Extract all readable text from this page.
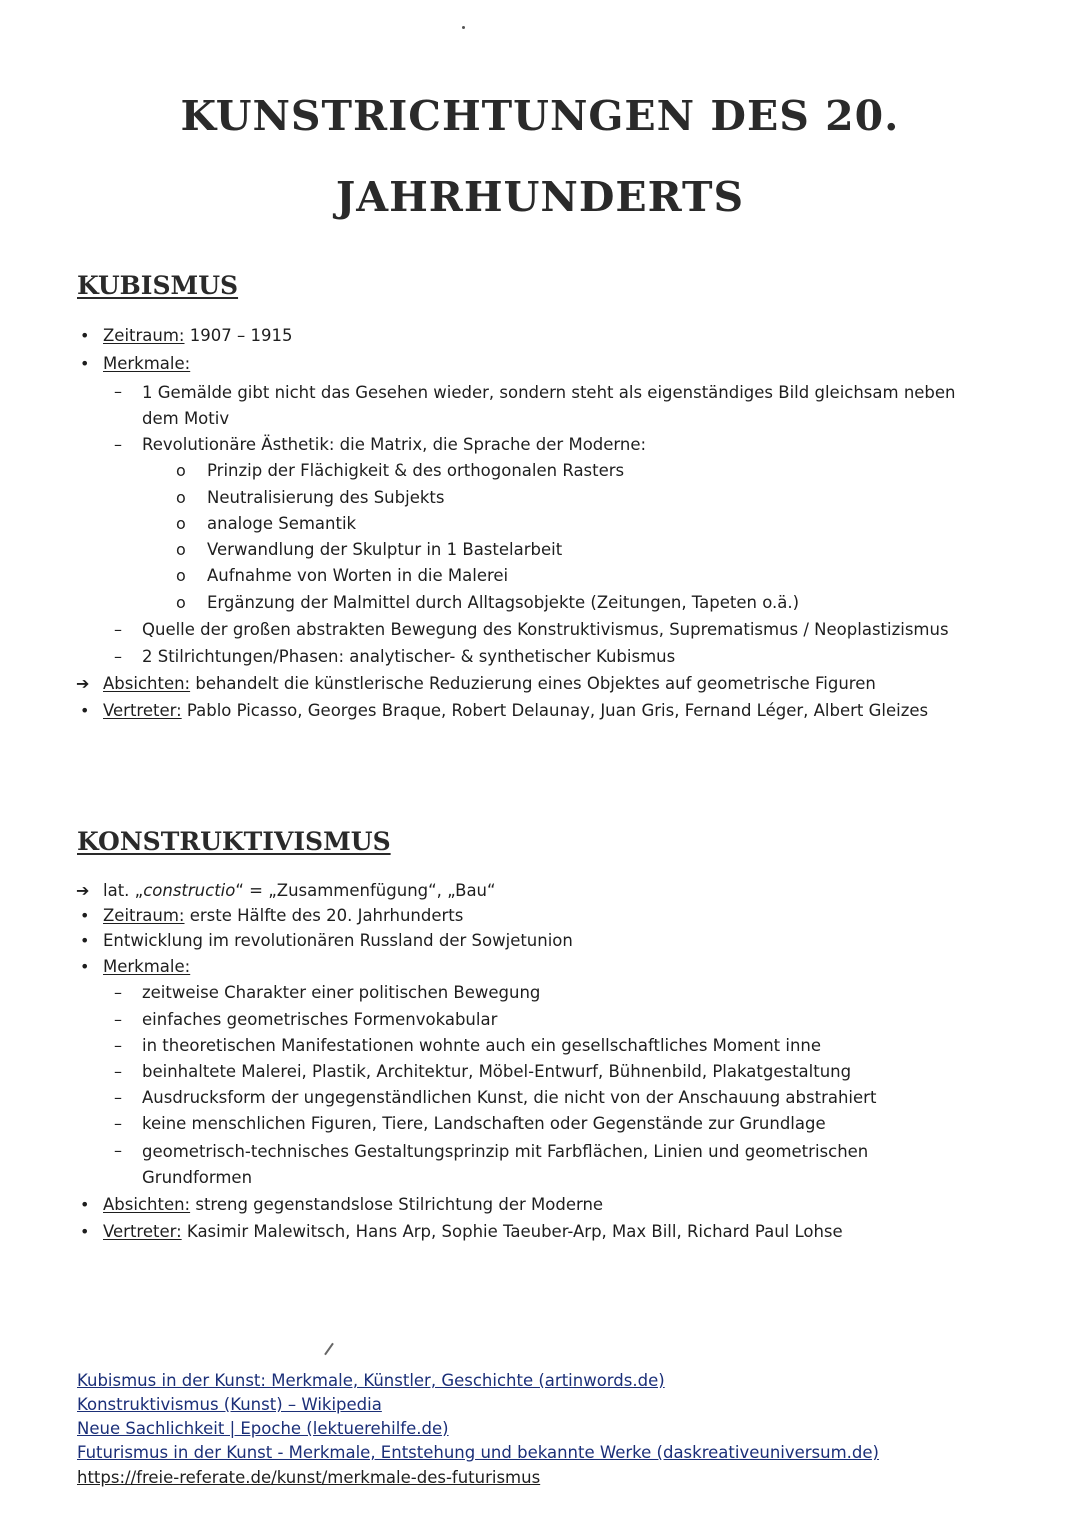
KUNSTRICHTUNGEN DES 20.
JAHRHUNDERTS
KUBISMUS
• Zeitraum: 1907 – 1915
• Merkmale:
– 1 Gemälde gibt nicht das Gesehen wieder, sondern steht als eigenständiges Bild gleichsam neben dem Motiv
– Revolutionäre Ästhetik: die Matrix, die Sprache der Moderne:
o Prinzip der Flächigkeit & des orthogonalen Rasters
o Neutralisierung des Subjekts
o analoge Semantik
o Verwandlung der Skulptur in 1 Bastelarbeit
o Aufnahme von Worten in die Malerei
o Ergänzung der Malmittel durch Alltagsobjekte (Zeitungen, Tapeten o.ä.)
– Quelle der großen abstrakten Bewegung des Konstruktivismus, Suprematismus / Neoplastizismus
– 2 Stilrichtungen/Phasen: analytischer- & synthetischer Kubismus
➔ Absichten: behandelt die künstlerische Reduzierung eines Objektes auf geometrische Figuren
• Vertreter: Pablo Picasso, Georges Braque, Robert Delaunay, Juan Gris, Fernand Léger, Albert Gleizes
KONSTRUKTIVISMUS
➔ lat. „constructio“ = „Zusammenfügung“, „Bau“
• Zeitraum: erste Hälfte des 20. Jahrhunderts
• Entwicklung im revolutionären Russland der Sowjetunion
• Merkmale:
– zeitweise Charakter einer politischen Bewegung
– einfaches geometrisches Formenvokabular
– in theoretischen Manifestationen wohnte auch ein gesellschaftliches Moment inne
– beinhaltete Malerei, Plastik, Architektur, Möbel-Entwurf, Bühnenbild, Plakatgestaltung
– Ausdrucksform der ungegenständlichen Kunst, die nicht von der Anschauung abstrahiert
– keine menschlichen Figuren, Tiere, Landschaften oder Gegenstände zur Grundlage
– geometrisch-technisches Gestaltungsprinzip mit Farbflächen, Linien und geometrischen Grundformen
• Absichten: streng gegenstandslose Stilrichtung der Moderne
• Vertreter: Kasimir Malewitsch, Hans Arp, Sophie Taeuber-Arp, Max Bill, Richard Paul Lohse
Kubismus in der Kunst: Merkmale, Künstler, Geschichte (artinwords.de)
Konstruktivismus (Kunst) – Wikipedia
Neue Sachlichkeit | Epoche (lektuerehilfe.de)
Futurismus in der Kunst - Merkmale, Entstehung und bekannte Werke (daskreativeuniversum.de)
https://freie-referate.de/kunst/merkmale-des-futurismus
